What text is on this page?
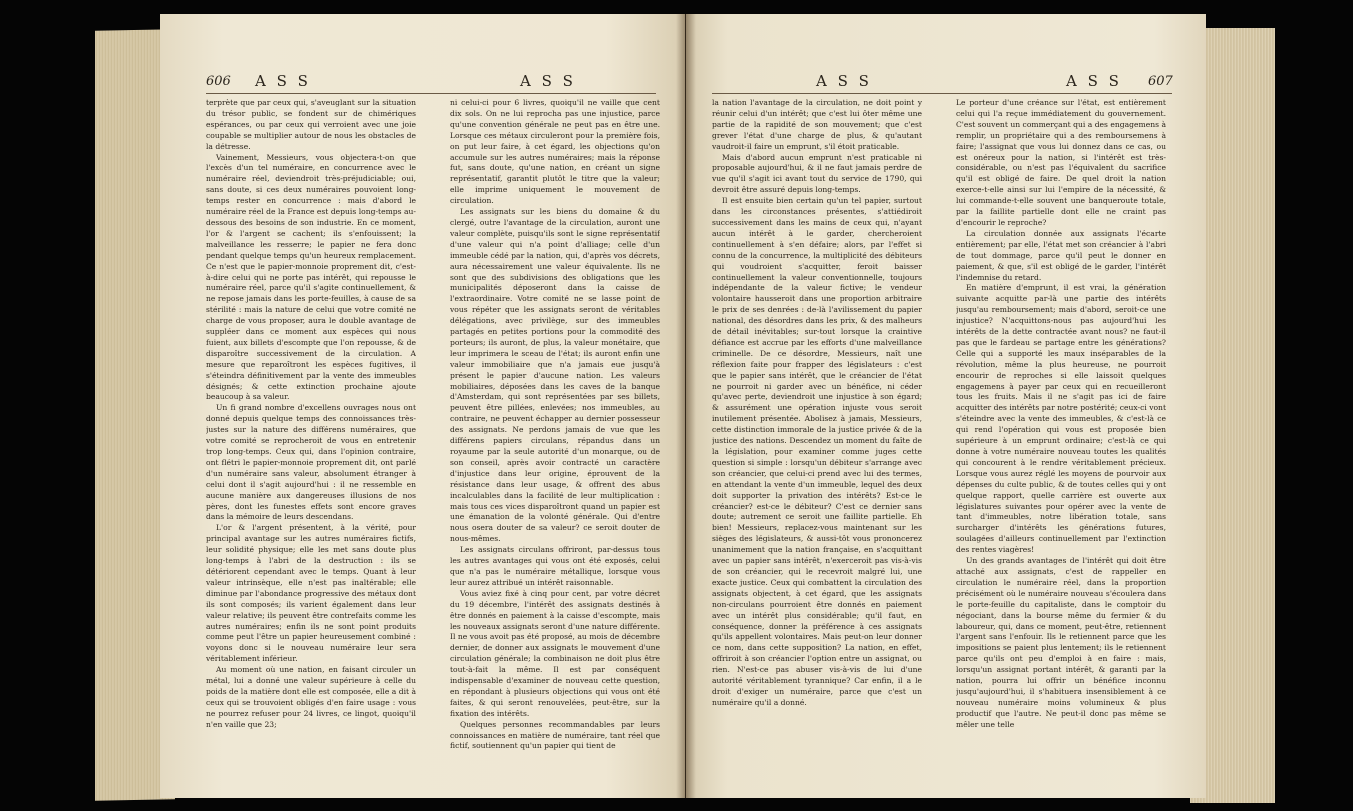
606 A S S	A S S

terprète que par ceux qui, s'aveuglant sur la situation du trésor public, se fondent sur de chimériques espérances, ou par ceux qui verroient avec une joie coupable se multiplier autour de nous les obstacles de la détresse.

Vainement, Messieurs, vous objectera-t-on que l'excès d'un tel numéraire, en concurrence avec le numéraire réel, deviendroit très-préjudiciable; oui, sans doute, si ces deux numéraires pouvoient long-temps rester en concurrence : mais d'abord le numéraire réel de la France est depuis long-temps au-dessous des besoins de son industrie. En ce moment, l'or & l'argent se cachent; ils s'enfouissent; la malveillance les resserre; le papier ne fera donc pendant quelque temps qu'un heureux remplacement. Ce n'est que le papier-monnoie proprement dit, c'est-à-dire celui qui ne porte pas intérêt, qui repousse le numéraire réel, parce qu'il s'agite continuellement, & ne repose jamais dans les porte-feuilles, à cause de sa stérilité : mais la nature de celui que votre comité ne charge de vous proposer, aura le double avantage de suppléer dans ce moment aux espèces qui nous fuient, aux billets d'escompte que l'on repousse, & de disparoître successivement de la circulation. A mesure que reparoîtront les espèces fugitives, il s'éteindra définitivement par la vente des immeubles désignés; & cette extinction prochaine ajoute beaucoup à sa valeur.

Un fi grand nombre d'excellens ouvrages nous ont donné depuis quelque temps des connoissances très-justes sur la nature des différens numéraires, que votre comité se reprocheroit de vous en entretenir trop long-temps. Ceux qui, dans l'opinion contraire, ont flétri le papier-monnoie proprement dit, ont parlé d'un numéraire sans valeur, absolument étranger à celui dont il s'agit aujourd'hui : il ne ressemble en aucune manière aux dangereuses illusions de nos pères, dont les funestes effets sont encore graves dans la mémoire de leurs descendans.

L'or & l'argent présentent, à la vérité, pour principal avantage sur les autres numéraires fictifs, leur solidité physique; elle les met sans doute plus long-temps à l'abri de la destruction : ils se détériorent cependant avec le temps. Quant à leur valeur intrinsèque, elle n'est pas inaltérable; elle diminue par l'abondance progressive des métaux dont ils sont composés; ils varient également dans leur valeur relative; ils peuvent être contrefaits comme les autres numéraires; enfin ils ne sont point produits comme peut l'être un papier heureusement combiné : voyons donc si le nouveau numéraire leur sera véritablement inférieur.

Au moment où une nation, en faisant circuler un métal, lui a donné une valeur supérieure à celle du poids de la matière dont elle est composée, elle a dit à ceux qui se trouvoient obligés d'en faire usage : vous ne pourrez refuser pour 24 livres, ce lingot, quoiqu'il n'en vaille que 23;

ni celui-ci pour 6 livres, quoiqu'il ne vaille que cent dix sols. On ne lui reprocha pas une injustice, parce qu'une convention générale ne peut pas en être une. Lorsque ces métaux circuleront pour la première fois, on put leur faire, à cet égard, les objections qu'on accumule sur les autres numéraires; mais la réponse fut, sans doute, qu'une nation, en créant un signe représentatif, garantit plutôt le titre que la valeur; elle imprime uniquement le mouvement de circulation.

Les assignats sur les biens du domaine & du clergé, outre l'avantage de la circulation, auront une valeur complète, puisqu'ils sont le signe représentatif d'une valeur qui n'a point d'alliage; celle d'un immeuble cédé par la nation, qui, d'après vos décrets, aura nécessairement une valeur équivalente. Ils ne sont que des subdivisions des obligations que les municipalités déposeront dans la caisse de l'extraordinaire. Votre comité ne se lasse point de vous répéter que les assignats seront de véritables délégations, avec privilège, sur des immeubles partagés en petites portions pour la commodité des porteurs; ils auront, de plus, la valeur monétaire, que leur imprimera le sceau de l'état; ils auront enfin une valeur immobiliaire que n'a jamais eue jusqu'à présent le papier d'aucune nation. Les valeurs mobiliaires, déposées dans les caves de la banque d'Amsterdam, qui sont représentées par ses billets, peuvent être pillées, enlevées; nos immeubles, au contraire, ne peuvent échapper au dernier possesseur des assignats. Ne perdons jamais de vue que les différens papiers circulans, répandus dans un royaume par la seule autorité d'un monarque, ou de son conseil, après avoir contracté un caractère d'injustice dans leur origine, éprouvent de la résistance dans leur usage, & offrent des abus incalculables dans la facilité de leur multiplication : mais tous ces vices disparoîtront quand un papier est une émanation de la volonté générale. Qui d'entre nous osera douter de sa valeur? ce seroit douter de nous-mêmes.

Les assignats circulans offriront, par-dessus tous les autres avantages qui vous ont été exposés, celui que n'a pas le numéraire métallique, lorsque vous leur aurez attribué un intérêt raisonnable.

Vous aviez fixé à cinq pour cent, par votre décret du 19 décembre, l'intérêt des assignats destinés à être donnés en paiement à la caisse d'escompte, mais les nouveaux assignats seront d'une nature différente. Il ne vous avoit pas été proposé, au mois de décembre dernier, de donner aux assignats le mouvement d'une circulation générale; la combinaison ne doit plus être tout-à-fait la même. Il est par conséquent indispensable d'examiner de nouveau cette question, en répondant à plusieurs objections qui vous ont été faites, & qui seront renouvelées, peut-être, sur la fixation des intérêts.

Quelques personnes recommandables par leurs connoissances en matière de numéraire, tant réel que fictif, soutiennent qu'un papier qui tient de

A S S	A S S 607

la nation l'avantage de la circulation, ne doit point y réunir celui d'un intérêt; que c'est lui ôter même une partie de la rapidité de son mouvement; que c'est grever l'état d'une charge de plus, & qu'autant vaudroit-il faire un emprunt, s'il étoit praticable.

Mais d'abord aucun emprunt n'est praticable ni proposable aujourd'hui, & il ne faut jamais perdre de vue qu'il s'agit ici avant tout du service de 1790, qui devroit être assuré depuis long-temps.

Il est ensuite bien certain qu'un tel papier, surtout dans les circonstances présentes, s'attiédiroit successivement dans les mains de ceux qui, n'ayant aucun intérêt à le garder, chercheroient continuellement à s'en défaire; alors, par l'effet si connu de la concurrence, la multiplicité des débiteurs qui voudroient s'acquitter, feroit baisser continuellement la valeur conventionnelle, toujours indépendante de la valeur fictive; le vendeur volontaire hausseroit dans une proportion arbitraire le prix de ses denrées : de-là l'avilissement du papier national, des désordres dans les prix, & des malheurs de détail inévitables; sur-tout lorsque la craintive défiance est accrue par les efforts d'une malveillance criminelle. De ce désordre, Messieurs, naît une réflexion faite pour frapper des législateurs : c'est que le papier sans intérêt, que le créancier de l'état ne pourroit ni garder avec un bénéfice, ni céder qu'avec perte, deviendroit une injustice à son égard; & assurément une opération injuste vous seroit inutilement présentée. Abolisez à jamais, Messieurs, cette distinction immorale de la justice privée & de la justice des nations. Descendez un moment du faîte de la législation, pour examiner comme juges cette question si simple : lorsqu'un débiteur s'arrange avec son créancier, que celui-ci prend avec lui des termes, en attendant la vente d'un immeuble, lequel des deux doit supporter la privation des intérêts? Est-ce le créancier? est-ce le débiteur? C'est ce dernier sans doute; autrement ce seroit une faillite partielle. Eh bien! Messieurs, replacez-vous maintenant sur les sièges des législateurs, & aussi-tôt vous prononcerez unanimement que la nation française, en s'acquittant avec un papier sans intérêt, n'exerceroit pas vis-à-vis de son créancier, qui le recevroit malgré lui, une exacte justice. Ceux qui combattent la circulation des assignats objectent, à cet égard, que les assignats non-circulans pourroient être donnés en paiement avec un intérêt plus considérable; qu'il faut, en conséquence, donner la préférence à ces assignats qu'ils appellent volontaires. Mais peut-on leur donner ce nom, dans cette supposition? La nation, en effet, offriroit à son créancier l'option entre un assignat, ou rien. N'est-ce pas abuser vis-à-vis de lui d'une autorité véritablement tyrannique? Car enfin, il a le droit d'exiger un numéraire, parce que c'est un numéraire qu'il a donné.

Le porteur d'une créance sur l'état, est entièrement celui qui l'a reçue immédiatement du gouvernement. C'est souvent un commerçant qui a des engagemens à remplir, un propriétaire qui a des remboursemens à faire; l'assignat que vous lui donnez dans ce cas, ou est onéreux pour la nation, si l'intérêt est très-considérable, ou n'est pas l'équivalent du sacrifice qu'il est obligé de faire. De quel droit la nation exerce-t-elle ainsi sur lui l'empire de la nécessité, & lui commande-t-elle souvent une banqueroute totale, par la faillite partielle dont elle ne craint pas d'encourir le reproche?

La circulation donnée aux assignats l'écarte entièrement; par elle, l'état met son créancier à l'abri de tout dommage, parce qu'il peut le donner en paiement, & que, s'il est obligé de le garder, l'intérêt l'indemnise du retard.

En matière d'emprunt, il est vrai, la génération suivante acquitte par-là une partie des intérêts jusqu'au remboursement; mais d'abord, seroit-ce une injustice? N'acquittons-nous pas aujourd'hui les intérêts de la dette contractée avant nous? ne faut-il pas que le fardeau se partage entre les générations? Celle qui a supporté les maux inséparables de la révolution, même la plus heureuse, ne pourroit encourir de reproches si elle laissoit quelques engagemens à payer par ceux qui en recueilleront tous les fruits. Mais il ne s'agit pas ici de faire acquitter des intérêts par notre postérité; ceux-ci vont s'éteindre avec la vente des immeubles, & c'est-là ce qui rend l'opération qui vous est proposée bien supérieure à un emprunt ordinaire; c'est-là ce qui donne à votre numéraire nouveau toutes les qualités qui concourent à le rendre véritablement précieux. Lorsque vous aurez réglé les moyens de pourvoir aux dépenses du culte public, & de toutes celles qui y ont quelque rapport, quelle carrière est ouverte aux législatures suivantes pour opérer avec la vente de tant d'immeubles, notre libération totale, sans surcharger d'intérêts les générations futures, soulagées d'ailleurs continuellement par l'extinction des rentes viagères!

Un des grands avantages de l'intérêt qui doit être attaché aux assignats, c'est de rappeller en circulation le numéraire réel, dans la proportion précisément où le numéraire nouveau s'écoulera dans le porte-feuille du capitaliste, dans le comptoir du négociant, dans la bourse même du fermier & du laboureur, qui, dans ce moment, peut-être, retiennent l'argent sans l'enfouir. Ils le retiennent parce que les impositions se paient plus lentement; ils le retiennent parce qu'ils ont peu d'emploi à en faire : mais, lorsqu'un assignat portant intérêt, & garanti par la nation, pourra lui offrir un bénéfice inconnu jusqu'aujourd'hui, il s'habituera insensiblement à ce nouveau numéraire moins volumineux & plus productif que l'autre. Ne peut-il donc pas même se mêler une telle
